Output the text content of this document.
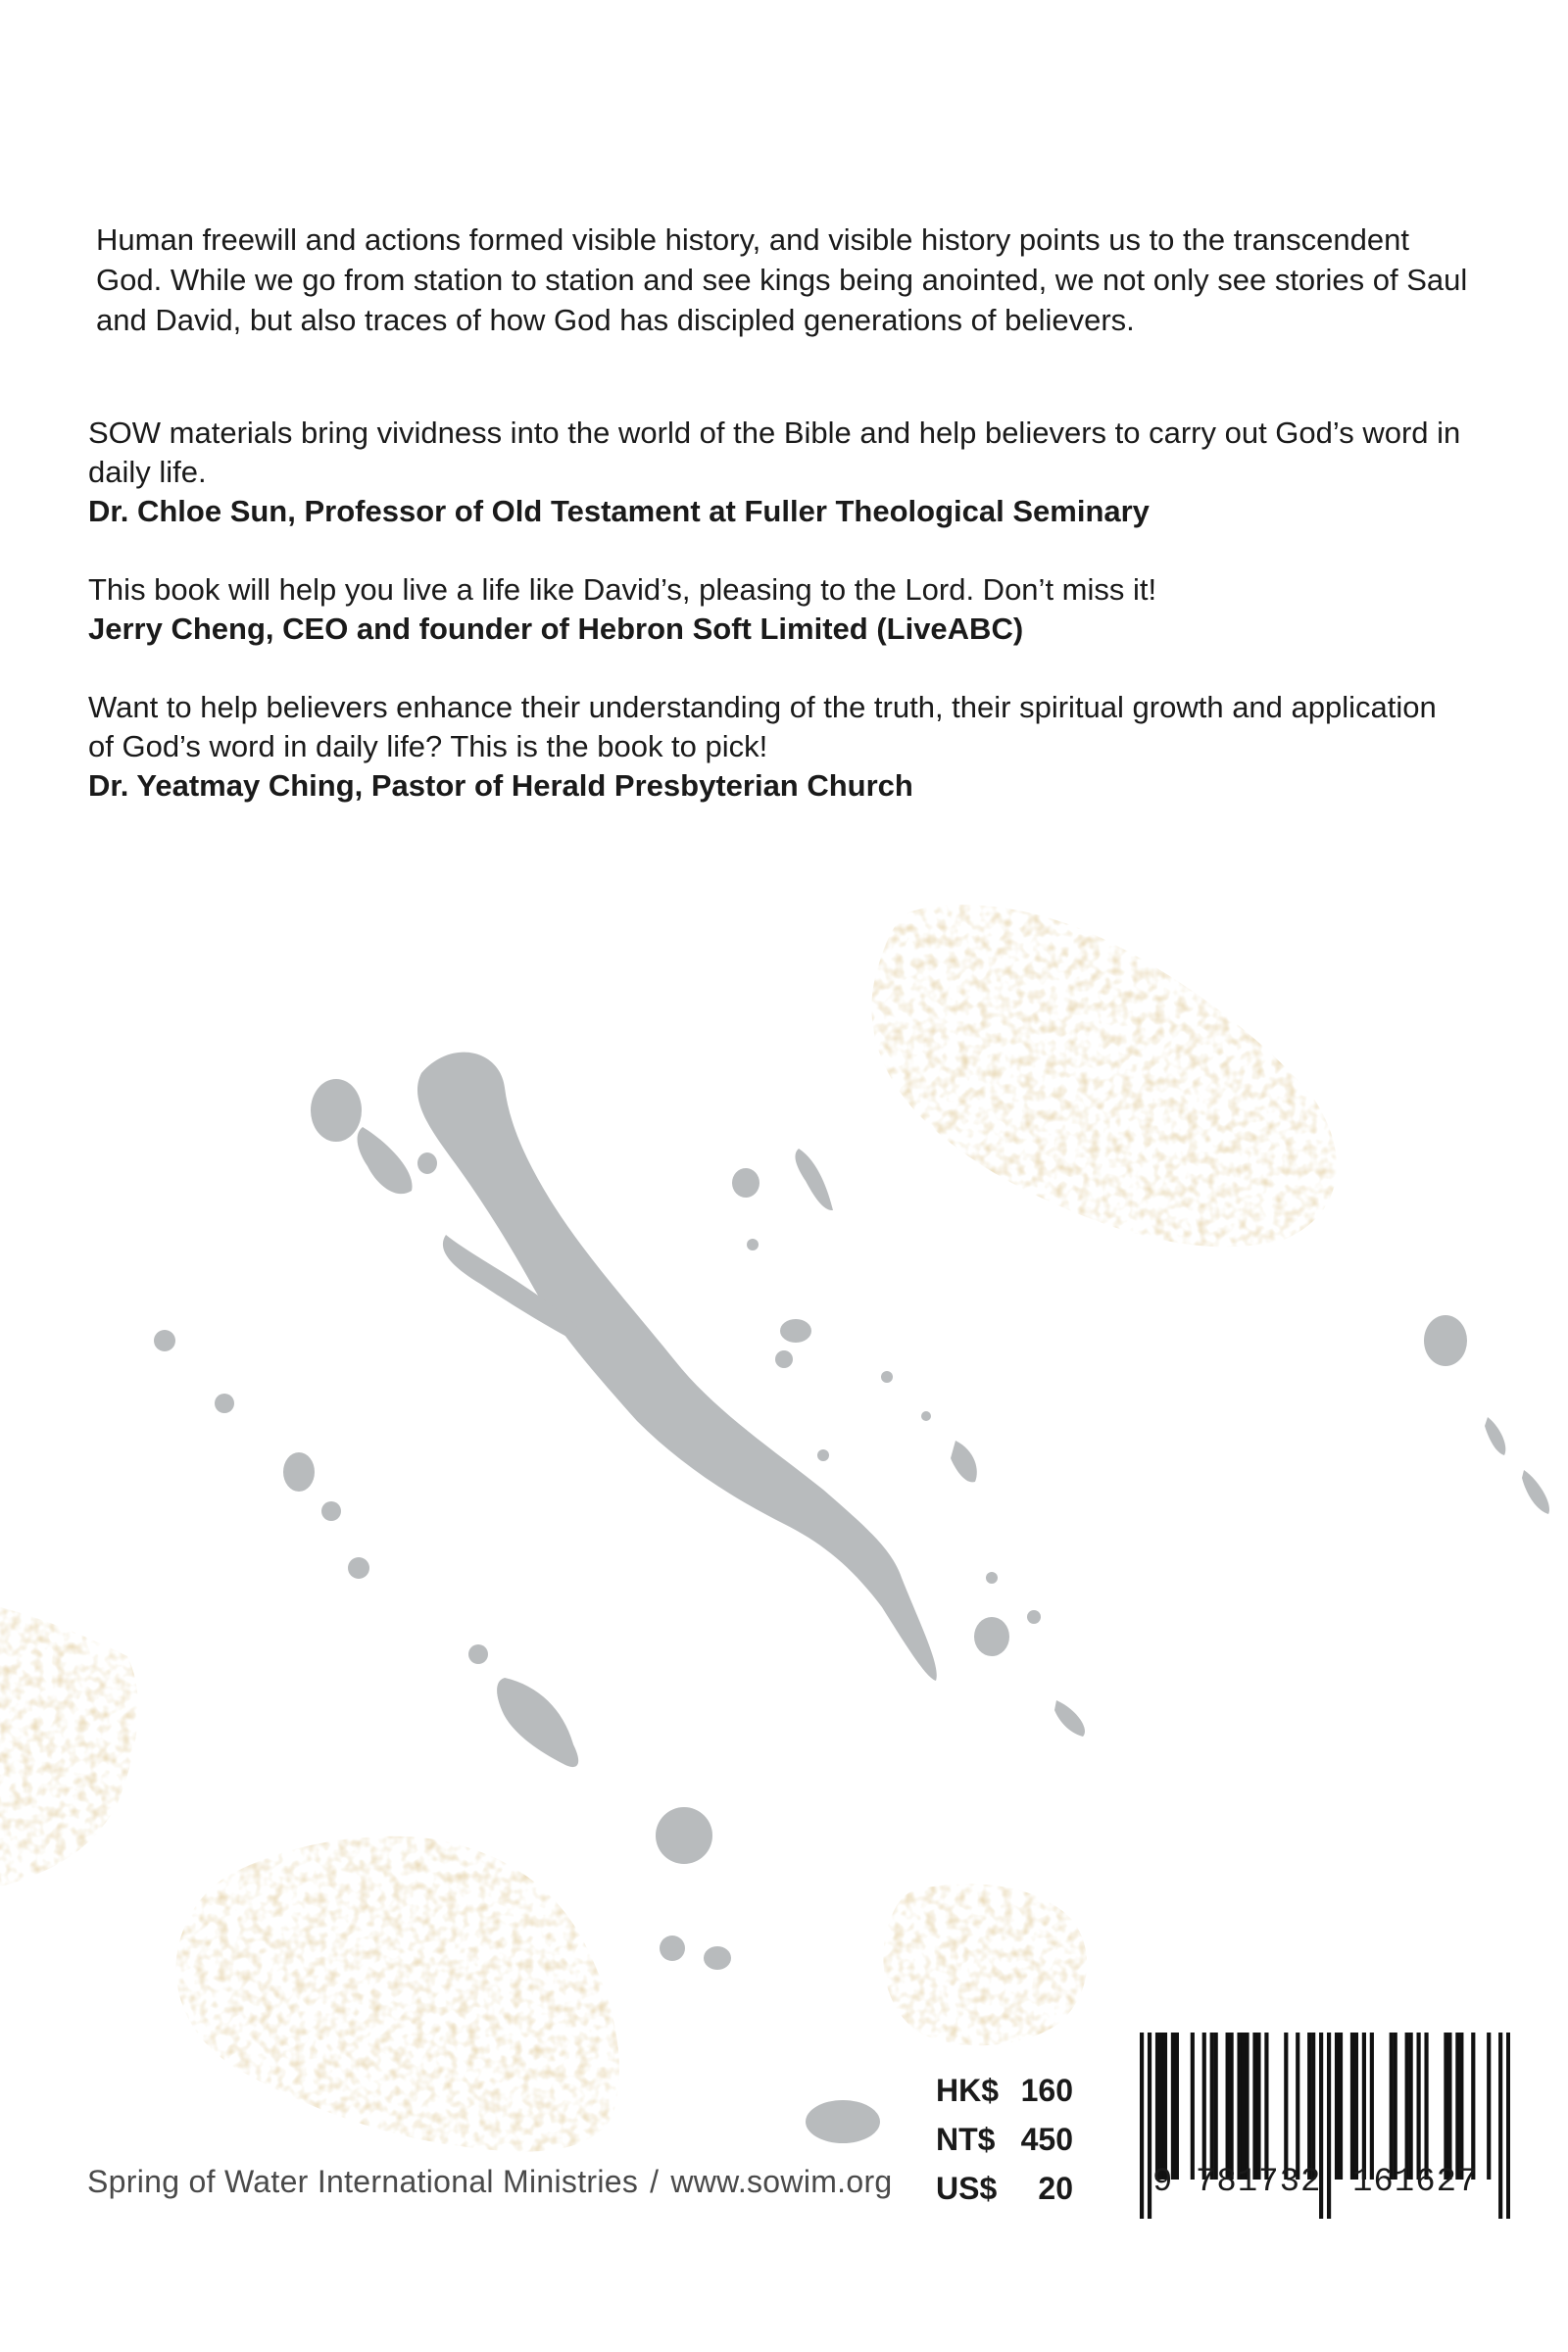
Human freewill and actions formed visible history, and visible history points us to the transcendent God. While we go from station to station and see kings being anointed, we not only see stories of Saul and David, but also traces of how God has discipled generations of believers.

SOW materials bring vividness into the world of the Bible and help believers to carry out God’s word in daily life.

Dr. Chloe Sun, Professor of Old Testament at Fuller Theological Seminary

This book will help you live a life like David’s, pleasing to the Lord. Don’t miss it!

Jerry Cheng, CEO and founder of Hebron Soft Limited (LiveABC)

Want to help believers enhance their understanding of the truth, their spiritual growth and application of God’s word in daily life? This is the book to pick!

Dr. Yeatmay Ching, Pastor of Herald Presbyterian Church

Spring of Water International Ministries / www.sowim.org
HK$ 160
NT$ 450
US$ 20 9 781732 161627
